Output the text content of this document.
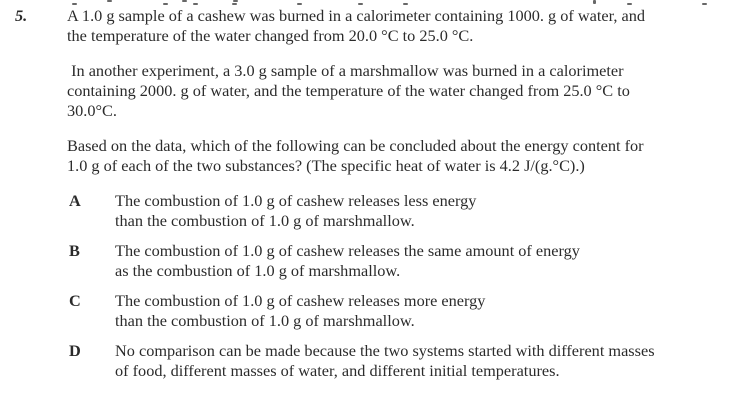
5.	A 1.0 g sample of a cashew was burned in a calorimeter containing 1000. g of water, and
the temperature of the water changed from 20.0 °C to 25.0 °C.
In another experiment, a 3.0 g sample of a marshmallow was burned in a calorimeter
containing 2000. g of water, and the temperature of the water changed from 25.0 °C to
30.0°C.
Based on the data, which of the following can be concluded about the energy content for
1.0 g of each of the two substances? (The specific heat of water is 4.2 J/(g.°C).)
A	The combustion of 1.0 g of cashew releases less energy
than the combustion of 1.0 g of marshmallow.
B	The combustion of 1.0 g of cashew releases the same amount of energy
as the combustion of 1.0 g of marshmallow.
C	The combustion of 1.0 g of cashew releases more energy
than the combustion of 1.0 g of marshmallow.
D	No comparison can be made because the two systems started with different masses
of food, different masses of water, and different initial temperatures.
